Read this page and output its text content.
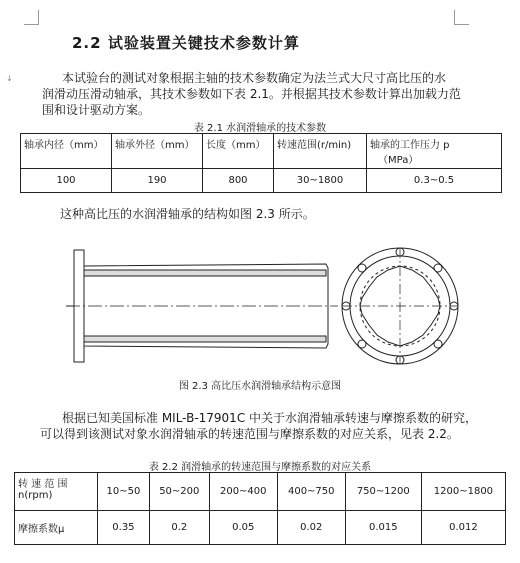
↓
2.2 试验装置关键技术参数计算
本试验台的测试对象根据主轴的技术参数确定为法兰式大尺寸高比压的水
润滑动压滑动轴承，其技术参数如下表 2.1。并根据其技术参数计算出加载力范
围和设计驱动方案。
表 2.1 水润滑轴承的技术参数
轴承内径（mm）	轴承外径（mm）	长度（mm）	转速范围(r/min)	轴承的工作压力 p
（MPa）

100	190	800	30~1800	0.3~0.5
这种高比压的水润滑轴承的结构如图 2.3 所示。
图 2.3 高比压水润滑轴承结构示意图
根据已知美国标准 MIL-B-17901C 中关于水润滑轴承转速与摩擦系数的研究，
可以得到该测试对象水润滑轴承的转速范围与摩擦系数的对应关系，见表 2.2。
表 2.2 润滑轴承的转速范围与摩擦系数的对应关系
转 速 范 围
n(rpm)	10~50	50~200	200~400	400~750	750~1200	1200~1800
摩擦系数μ	0.35	0.2	0.05	0.02	0.015	0.012
